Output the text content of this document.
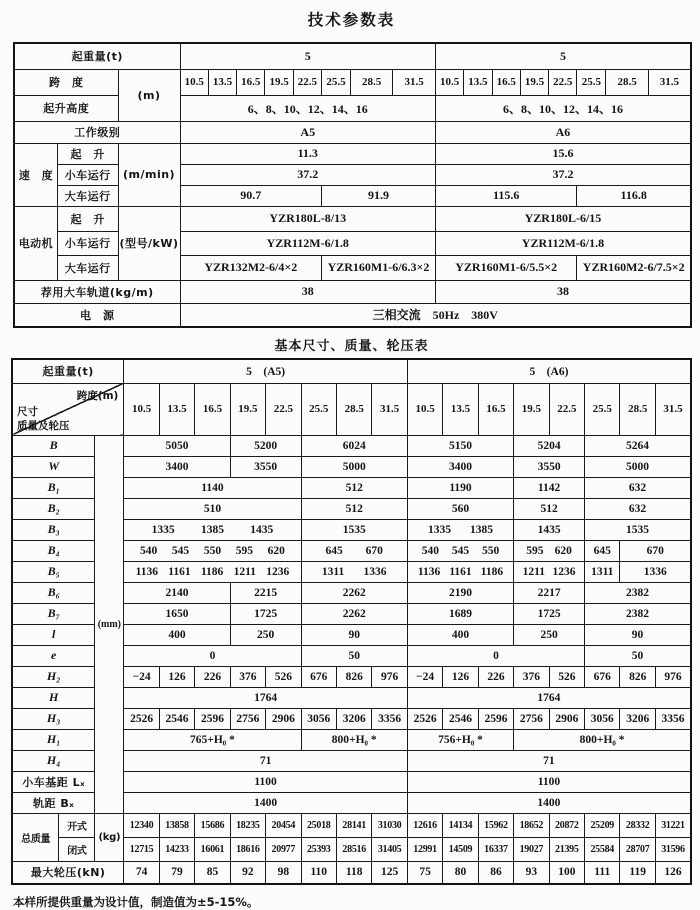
技术参数表
起重量(t)			5								5							
跨　度		(m)	10.5	13.5	16.5	19.5	22.5	25.5	28.5	31.5	10.5	13.5	16.5	19.5	22.5	25.5	28.5	31.5
起升高度			6、8、10、12、14、16								6、8、10、12、14、16							
工作级别			A5								A6							
速　度	起　升	(m/min)	11.3								15.6							
	小车运行		37.2								37.2							
	大车运行		90.7					91.9			115.6					116.8		
电动机	起　升	(型号/kW)	YZR180L-8/13								YZR180L-6/15							
	小车运行		YZR112M-6/1.8								YZR112M-6/1.8							
	大车运行		YZR132M2-6/4×2					YZR160M1-6/6.3×2			YZR160M1-6/5.5×2					YZR160M2-6/7.5×2		
荐用大车轨道(kg/m)			38								38							
电　源			三相交流　50Hz　380V															
基本尺寸、质量、轮压表
起重量(t)			5　(A5)								5　(A6)							

跨度(m)
尺寸
质量及轮压			10.5	13.5	16.5	19.5	22.5	25.5	28.5	31.5	10.5	13.5	16.5	19.5	22.5	25.5	28.5	31.5
B		(mm)	5050			5200		6024			5150			5204		5264		
W			3400			3550		5000			3400			3550		5000		
B₁			1140					512			1190			1142		632		
B₂			510					512			560			512		632		
B₃			1335 1385 1435					1535			1335 1385			1435		1535		
B₄			540 545 550 595 620					645 670			540 545 550			595 620		645	670	
B₅			1136 1161 1186 1211 1236					1311 1336			1136 1161 1186			1211 1236		1311	1336	
B₆			2140			2215		2262			2190			2217		2382		
B₇			1650			1725		2262			1689			1725		2382		
l			400			250		90			400			250		90		
e			0					50			0					50		
H₂			−24	126	226	376	526	676	826	976	−24	126	226	376	526	676	826	976
H			1764								1764							
H₃			2526	2546	2596	2756	2906	3056	3206	3356	2526	2546	2596	2756	2906	3056	3206	3356
H₁			765+H₀ *					800+H₀ *			756+H₀ *			800+H₀ *				
H₄			71								71							
小车基距 Lₓ			1100								1100							
轨距 Bₓ			1400								1400							
总质量	开式	(kg)	12340	13858	15686	18235	20454	25018	28141	31030	12616	14134	15962	18652	20872	25209	28332	31221
	闭式		12715	14233	16061	18616	20977	25393	28516	31405	12991	14509	16337	19027	21395	25584	28707	31596
最大轮压(kN)			74	79	85	92	98	110	118	125	75	80	86	93	100	111	119	126
本样所提供重量为设计值，制造值为±5-15%。
